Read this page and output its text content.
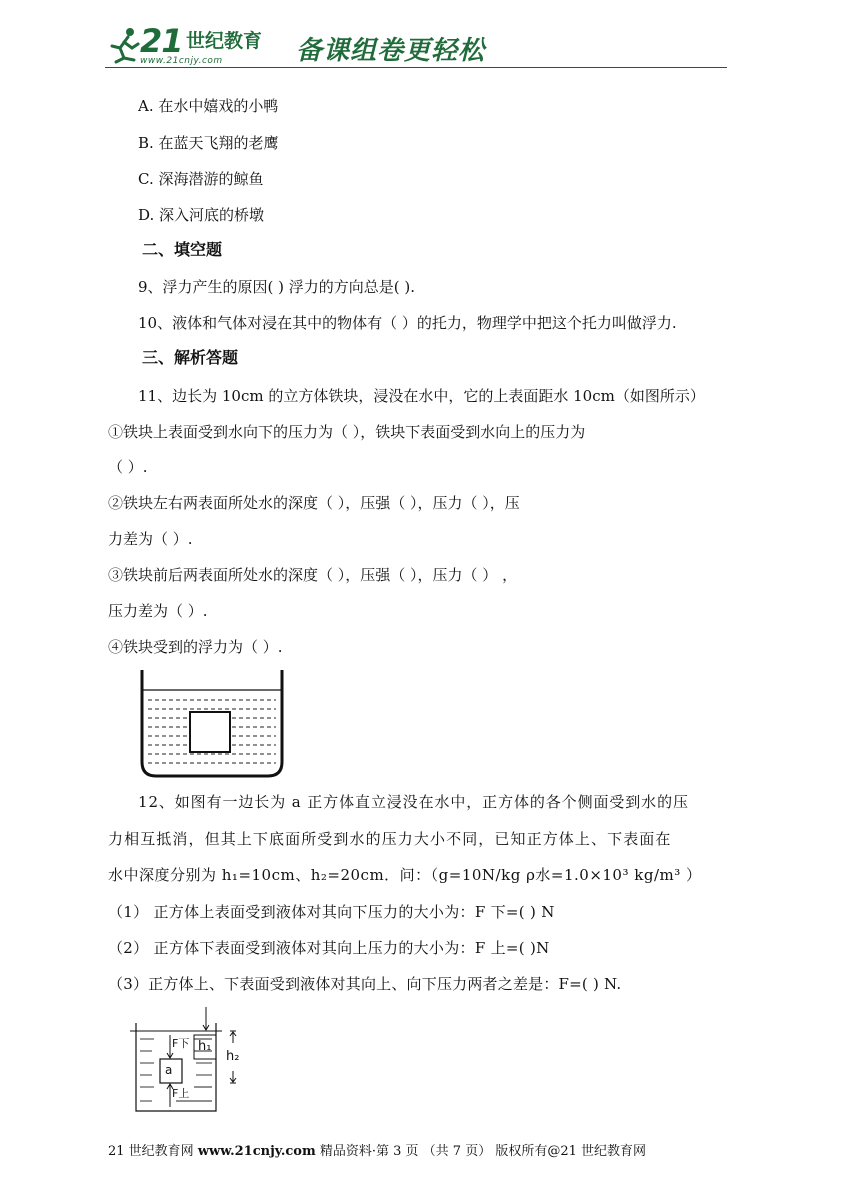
21 世纪教育
www.21cnjy.com	备课组卷更轻松
A. 在水中嬉戏的小鸭
B. 在蓝天飞翔的老鹰
C. 深海潜游的鲸鱼
D. 深入河底的桥墩
二、填空题
9、浮力产生的原因( ) 浮力的方向总是( ).
10、液体和气体对浸在其中的物体有（ ）的托力，物理学中把这个托力叫做浮力.
三、解析答题
11、边长为 10cm 的立方体铁块，浸没在水中，它的上表面距水 10cm（如图所示）
①铁块上表面受到水向下的压力为（ ），铁块下表面受到水向上的压力为
（ ）.
②铁块左右两表面所处水的深度（ ），压强（ ），压力（ ），压
力差为（ ）.
③铁块前后两表面所处水的深度（ ），压强（ ），压力（ ） ，
压力差为（ ）.
④铁块受到的浮力为（ ）.
12、如图有一边长为 a 正方体直立浸没在水中，正方体的各个侧面受到水的压
力相互抵消，但其上下底面所受到水的压力大小不同，已知正方体上、下表面在
水中深度分别为 h₁=10cm、h₂=20cm．问：（g=10N/kg ρ水=1.0×10³ kg/m³ ）
（1） 正方体上表面受到液体对其向下压力的大小为：F 下=( ) N
（2） 正方体下表面受到液体对其向上压力的大小为：F 上=( )N
（3）正方体上、下表面受到液体对其向上、向下压力两者之差是：F=( ) N.
h₁
h₂
a
F下
F上
21 世纪教育网 www.21cnjy.com 精品资料·第 3 页 （共 7 页） 版权所有@21 世纪教育网
